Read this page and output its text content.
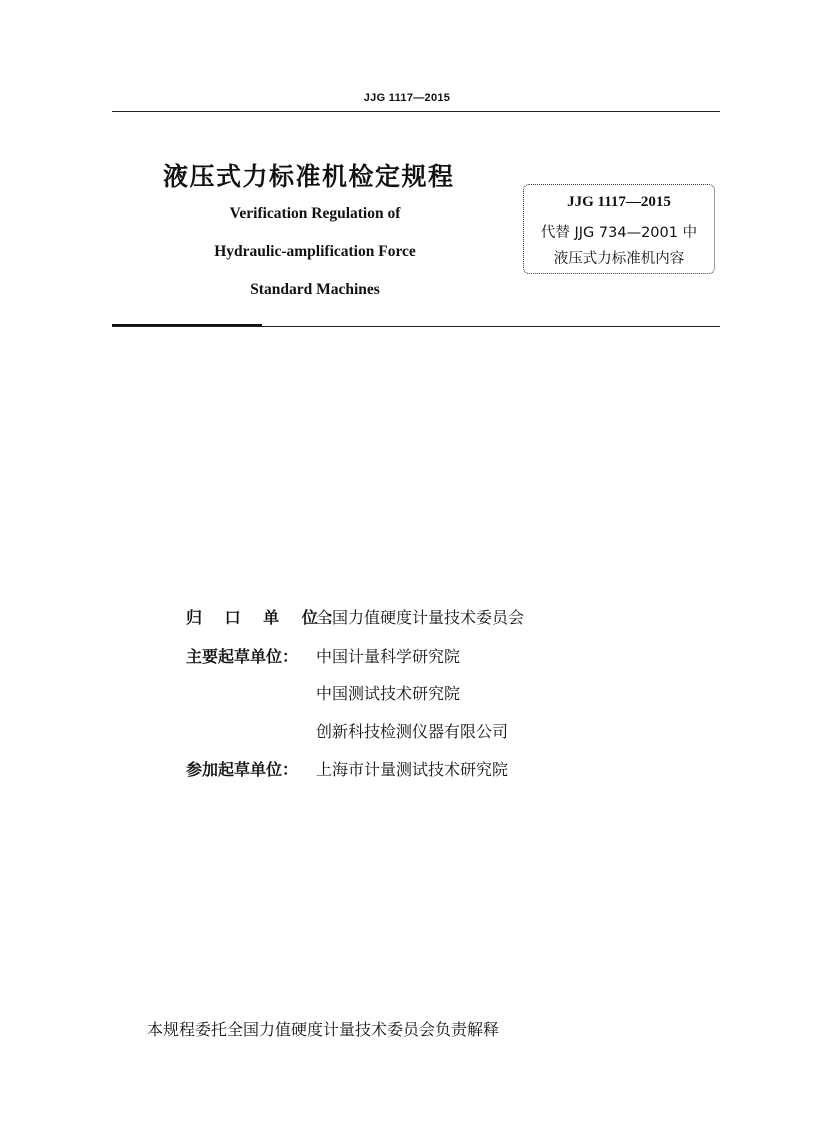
JJG 1117—2015
液压式力标准机检定规程
Verification Regulation of
Hydraulic-amplification Force
Standard Machines
JJG 1117—2015
代替 JJG 734—2001 中
液压式力标准机内容
归 口 单 位：
全国力值硬度计量技术委员会
主要起草单位：	中国计量科学研究院
中国测试技术研究院
创新科技检测仪器有限公司
参加起草单位：	上海市计量测试技术研究院
本规程委托全国力值硬度计量技术委员会负责解释
